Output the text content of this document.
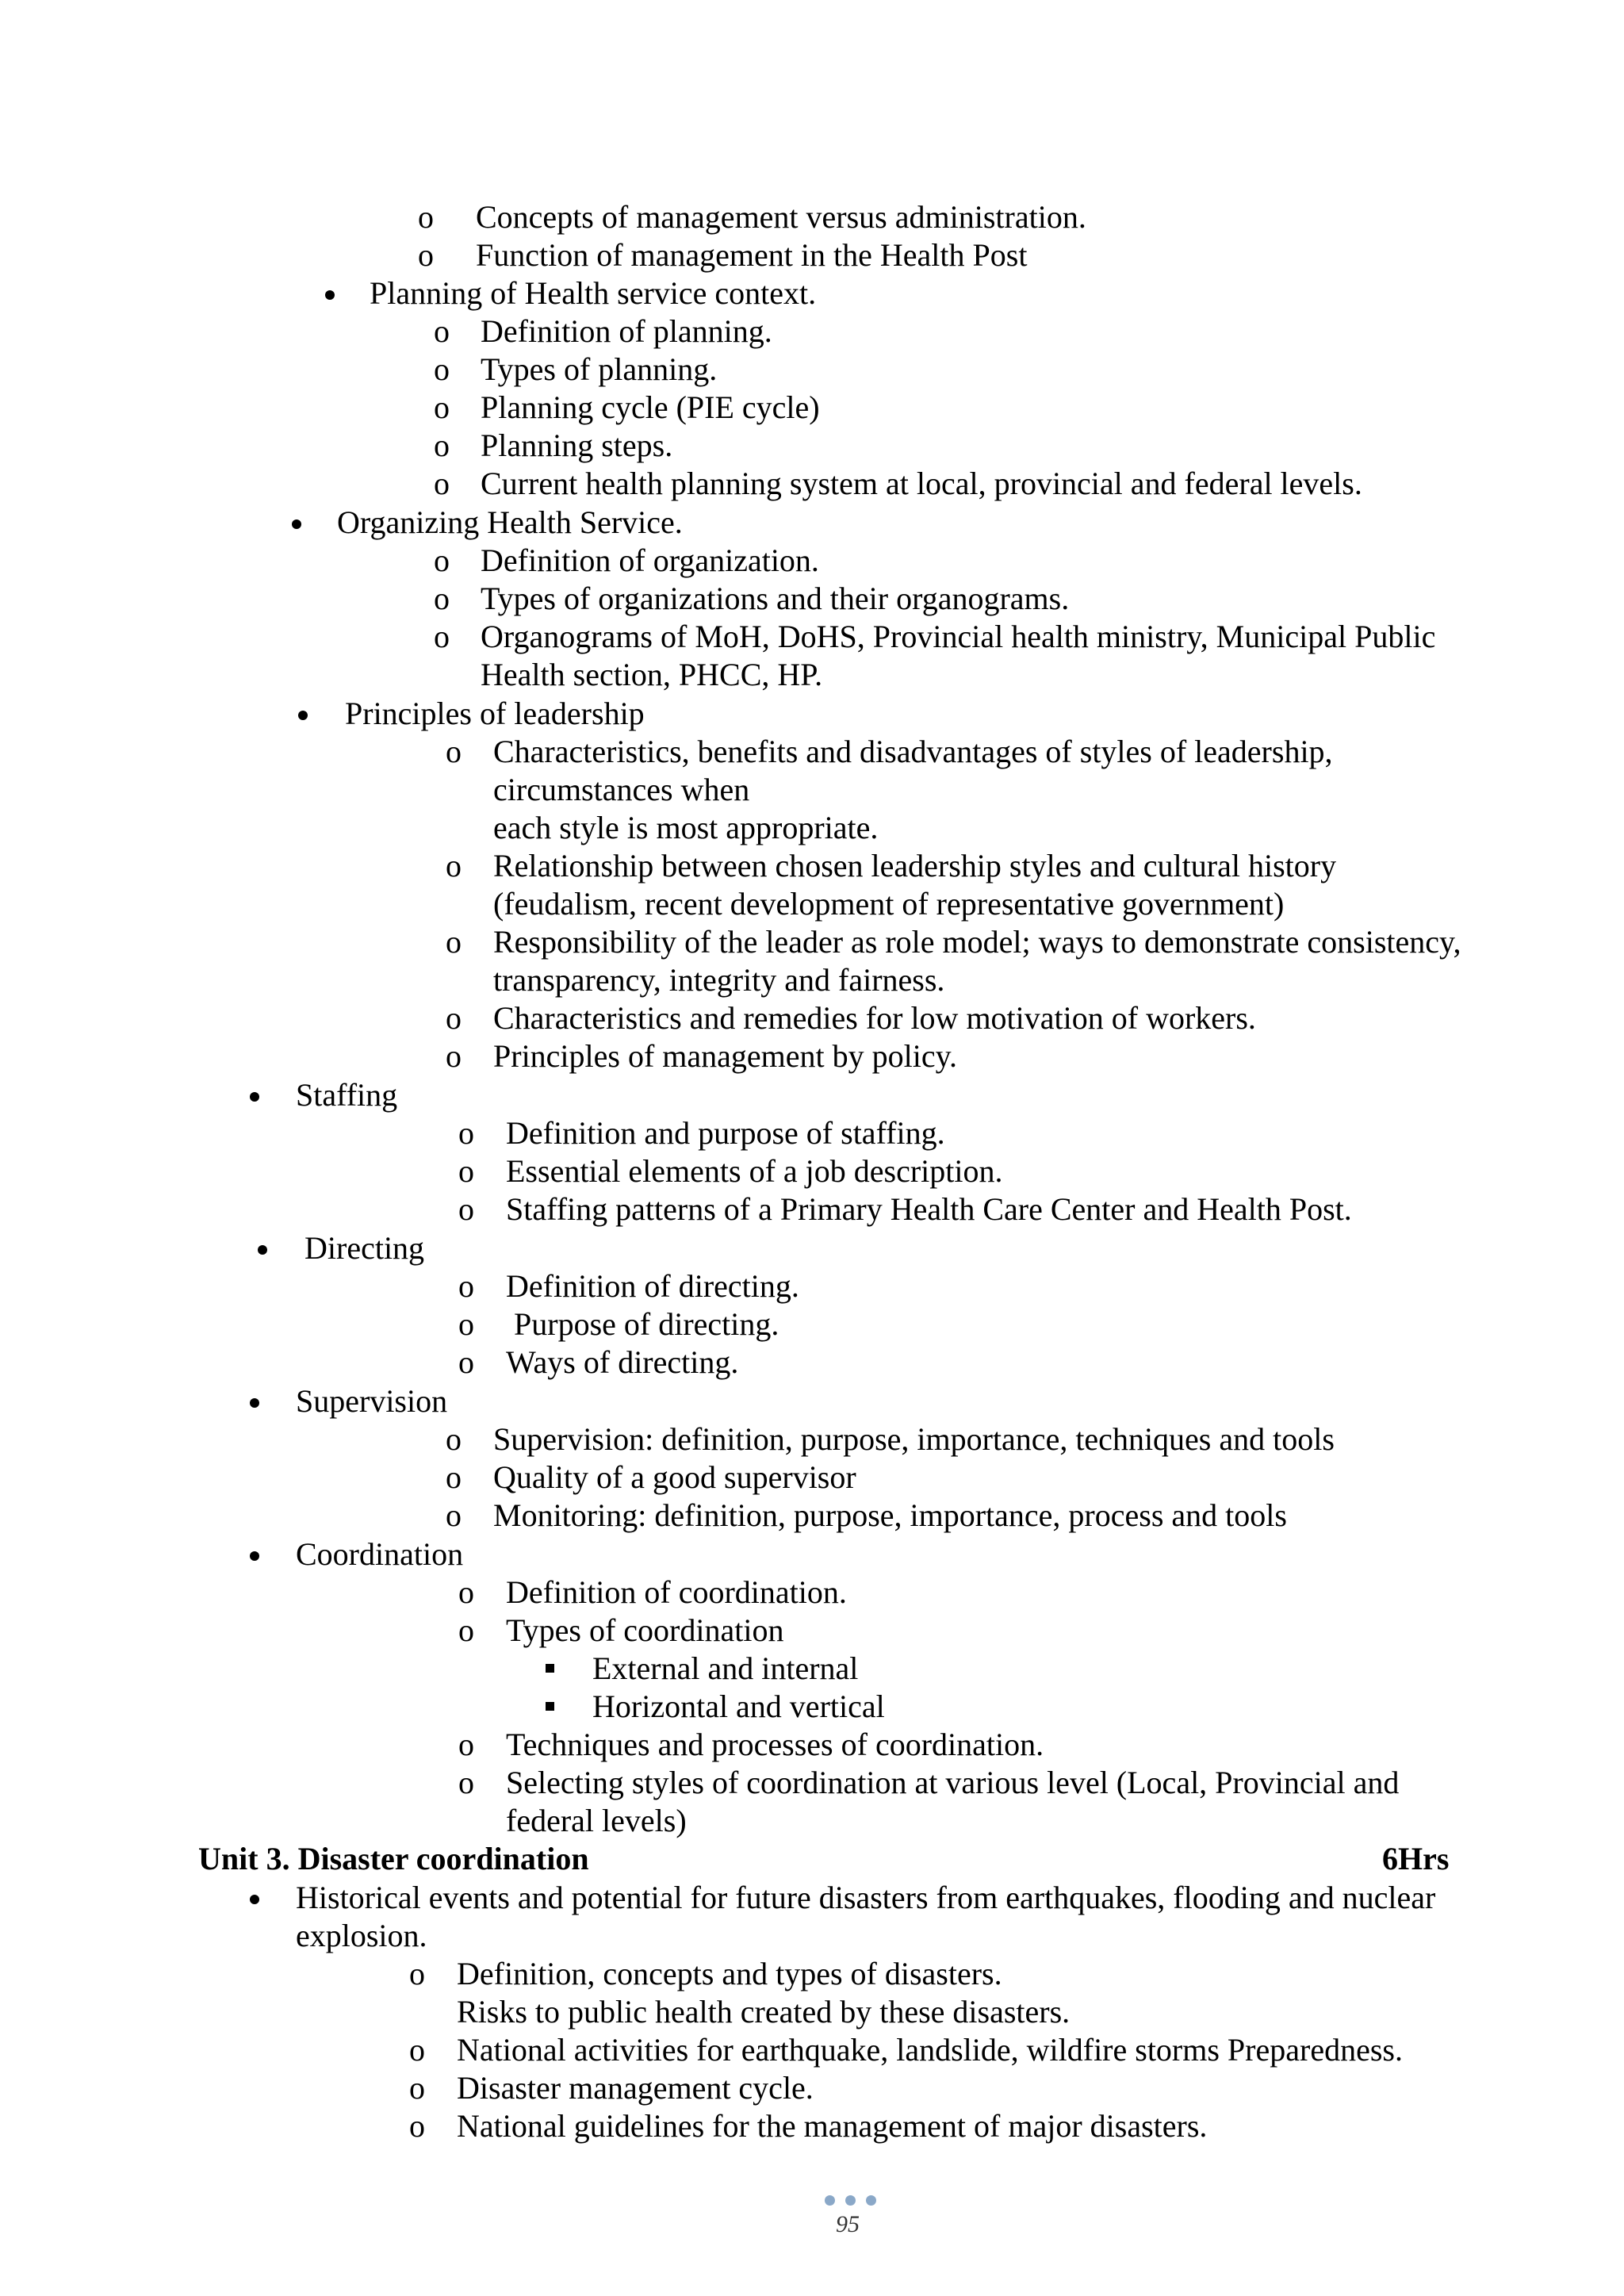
o Concepts of management versus administration.
o Function of management in the Health Post
Planning of Health service context.
o Definition of planning.
o Types of planning.
o Planning cycle (PIE cycle)
o Planning steps.
o Current health planning system at local, provincial and federal levels.
Organizing Health Service.
o Definition of organization.
o Types of organizations and their organograms.
o Organograms of MoH, DoHS, Provincial health ministry, Municipal Public
Health section, PHCC, HP.
Principles of leadership
o Characteristics, benefits and disadvantages of styles of leadership,
circumstances when
each style is most appropriate.
o Relationship between chosen leadership styles and cultural history
(feudalism, recent development of representative government)
o Responsibility of the leader as role model; ways to demonstrate consistency,
transparency, integrity and fairness.
o Characteristics and remedies for low motivation of workers.
o Principles of management by policy.
Staffing
o Definition and purpose of staffing.
o Essential elements of a job description.
o Staffing patterns of a Primary Health Care Center and Health Post.
Directing
o Definition of directing.
o Purpose of directing.
o Ways of directing.
Supervision
o Supervision: definition, purpose, importance, techniques and tools
o Quality of a good supervisor
o Monitoring: definition, purpose, importance, process and tools
Coordination
o Definition of coordination.
o Types of coordination
External and internal
Horizontal and vertical
o Techniques and processes of coordination.
o Selecting styles of coordination at various level (Local, Provincial and
federal levels)
Unit 3. Disaster coordination	6Hrs
Historical events and potential for future disasters from earthquakes, flooding and nuclear
explosion.
o Definition, concepts and types of disasters.
Risks to public health created by these disasters.
o National activities for earthquake, landslide, wildfire storms Preparedness.
o Disaster management cycle.
o National guidelines for the management of major disasters.
95
